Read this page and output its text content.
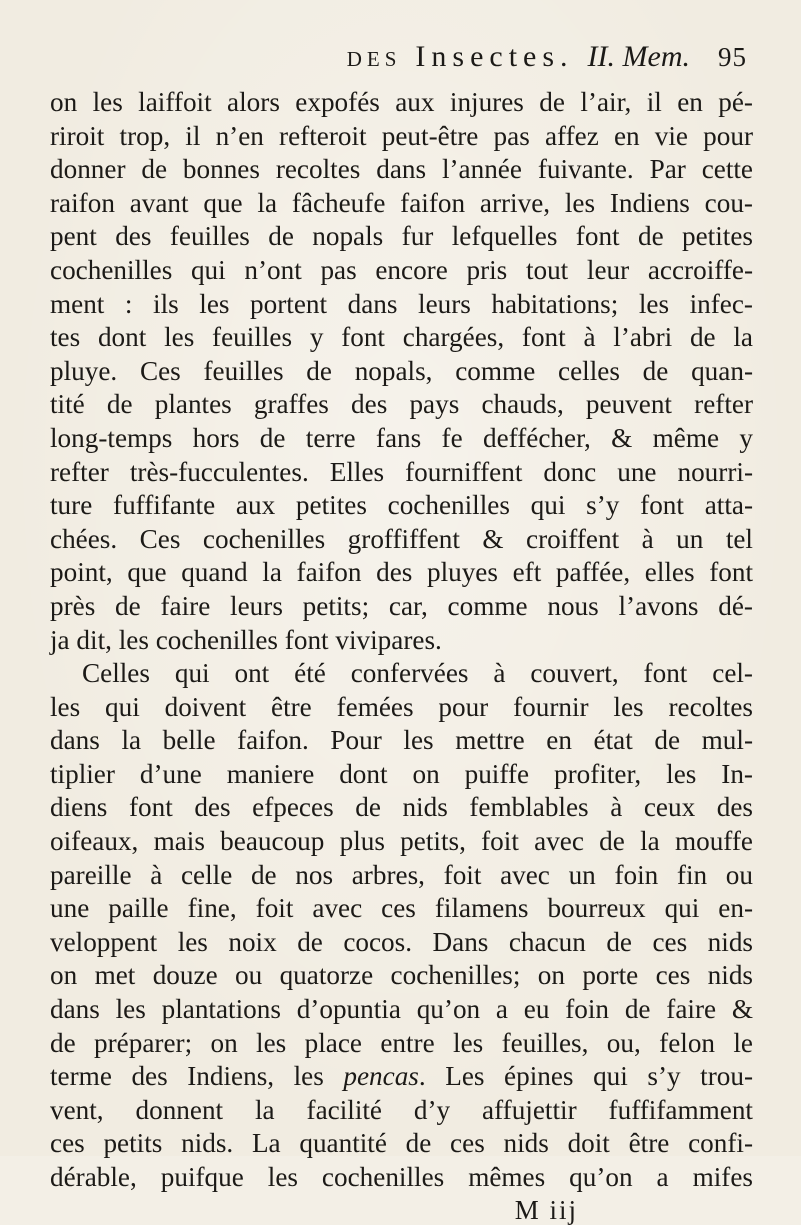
DES Insectes. II. Mem. 95
on les laiffoit alors expofés aux injures de l’air, il en pé-
riroit trop, il n’en refteroit peut-être pas affez en vie pour
donner de bonnes recoltes dans l’année fuivante. Par cette
raifon avant que la fâcheufe faifon arrive, les Indiens cou-
pent des feuilles de nopals fur lefquelles font de petites
cochenilles qui n’ont pas encore pris tout leur accroiffe-
ment : ils les portent dans leurs habitations; les infec-
tes dont les feuilles y font chargées, font à l’abri de la
pluye. Ces feuilles de nopals, comme celles de quan-
tité de plantes graffes des pays chauds, peuvent refter
long-temps hors de terre fans fe deffécher, & même y
refter très-fucculentes. Elles fourniffent donc une nourri-
ture fuffifante aux petites cochenilles qui s’y font atta-
chées. Ces cochenilles groffiffent & croiffent à un tel
point, que quand la faifon des pluyes eft paffée, elles font
près de faire leurs petits; car, comme nous l’avons dé-
ja dit, les cochenilles font vivipares.
Celles qui ont été confervées à couvert, font cel-
les qui doivent être femées pour fournir les recoltes
dans la belle faifon. Pour les mettre en état de mul-
tiplier d’une maniere dont on puiffe profiter, les In-
diens font des efpeces de nids femblables à ceux des
oifeaux, mais beaucoup plus petits, foit avec de la mouffe
pareille à celle de nos arbres, foit avec un foin fin ou
une paille fine, foit avec ces filamens bourreux qui en-
veloppent les noix de cocos. Dans chacun de ces nids
on met douze ou quatorze cochenilles; on porte ces nids
dans les plantations d’opuntia qu’on a eu foin de faire &
de préparer; on les place entre les feuilles, ou, felon le
terme des Indiens, les pencas. Les épines qui s’y trou-
vent, donnent la facilité d’y affujettir fuffifamment
ces petits nids. La quantité de ces nids doit être confi-
dérable, puifque les cochenilles mêmes qu’on a mifes
M iij
